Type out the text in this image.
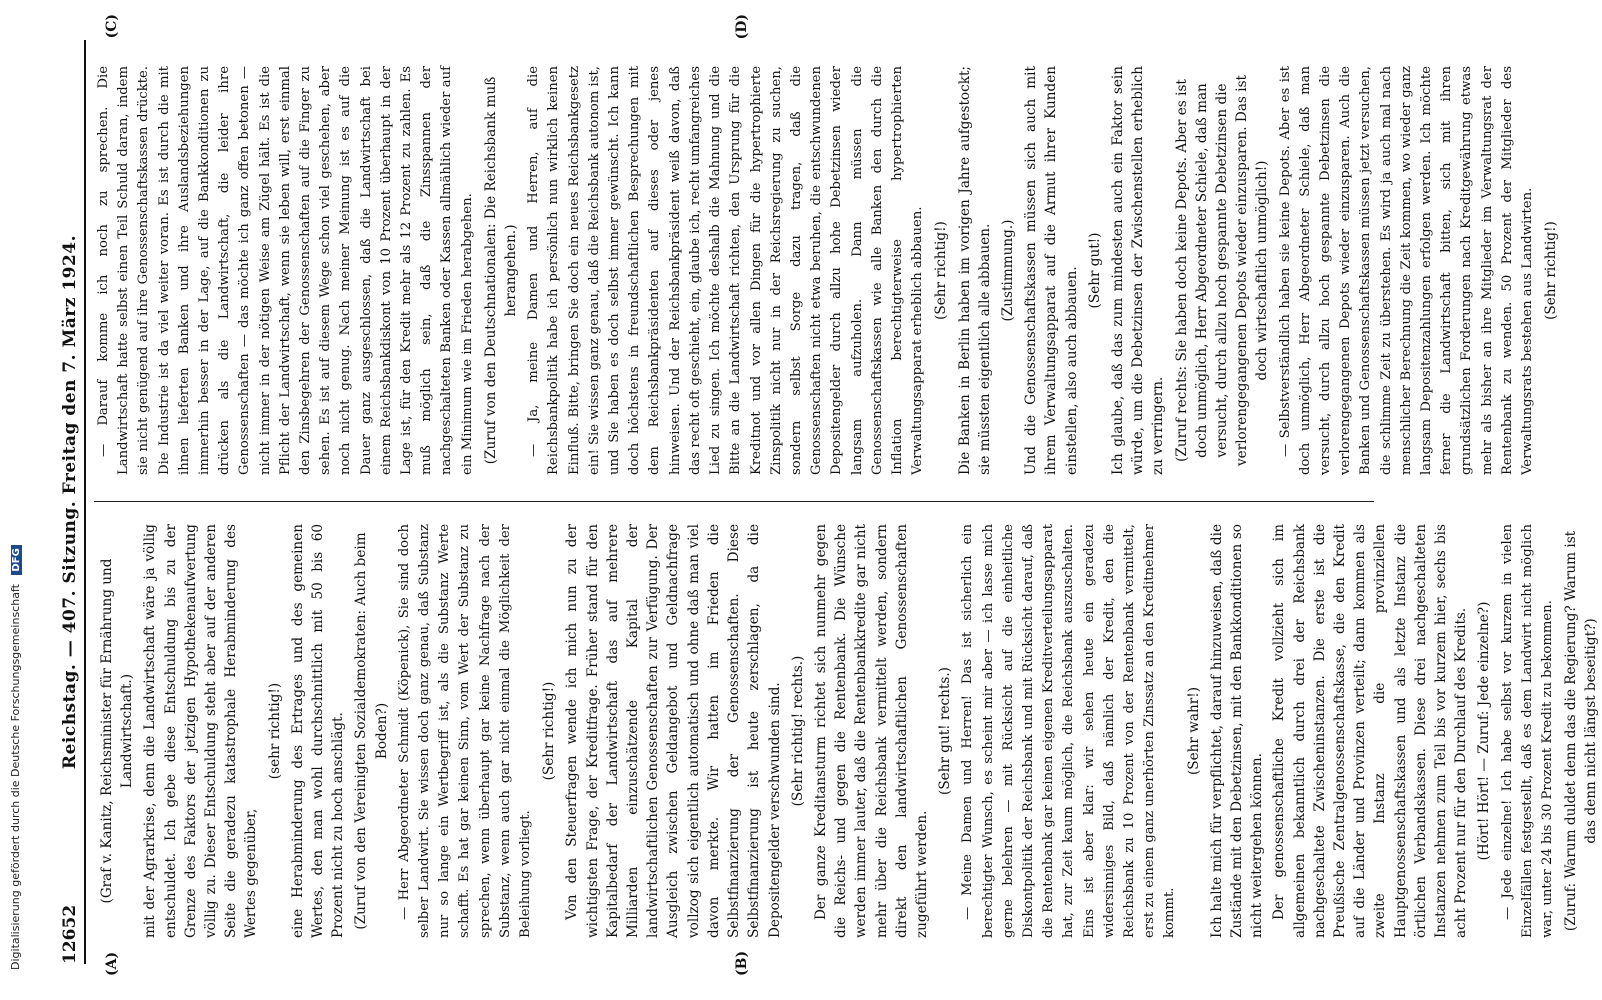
Digitalisierung gefördert durch die Deutsche Forschungsgemeinschaft DFG
12652
Reichstag. — 407. Sitzung. Freitag den 7. März 1924.
(A)	(B)
(C)	(D)

(Graf v. Kanitz, Reichsminister für Ernährung und Landwirtschaft.) mit der Agrarkrise, denn die Landwirtschaft wäre ja völlig entschuldet. Ich gebe diese Entschuldung bis zu der Grenze des Faktors der jetzigen Hypothekenaufwertung völlig zu. Dieser Entschuldung steht aber auf der anderen Seite die geradezu katastrophale Herabminderung des Wertes gegenüber,

(sehr richtig!) eine Herabminderung des Ertrages und des gemeinen Wertes, den man wohl durchschnittlich mit 50 bis 60 Prozent nicht zu hoch anschlägt. (Zuruf von den Vereinigten Sozialdemokraten: Auch beim Boden?) — Herr Abgeordneter Schmidt (Köpenick), Sie sind doch selber Landwirt. Sie wissen doch ganz genau, daß Substanz nur so lange ein Wertbegriff ist, als die Substanz Werte schafft. Es hat gar keinen Sinn, vom Wert der Substanz zu sprechen, wenn überhaupt gar keine Nachfrage nach der Substanz, wenn auch gar nicht einmal die Möglichkeit der Beleihung vorliegt.

(Sehr richtig!) Von den Steuerfragen wende ich mich nun zu der wichtigsten Frage, der Kreditfrage. Früher stand für den Kapitalbedarf der Landwirtschaft das auf mehrere Milliarden einzuschätzende Kapital der landwirtschaftlichen Genossenschaften zur Verfügung. Der Ausgleich zwischen Geldangebot und Geldnachfrage vollzog sich eigentlich automatisch und ohne daß man viel davon merkte. Wir hatten im Frieden die Selbstfinanzierung der Genossenschaften. Diese Selbstfinanzierung ist heute zerschlagen, da die Depositengelder verschwunden sind. (Sehr richtig! rechts.) Der ganze Kreditansturm richtet sich nunmehr gegen die Reichs- und gegen die Rentenbank. Die Wünsche werden immer lauter, daß die Rentenbankkredite gar nicht mehr über die Reichsbank vermittelt werden, sondern direkt den landwirtschaftlichen Genossenschaften zugeführt werden.

(Sehr gut! rechts.) — Meine Damen und Herren! Das ist sicherlich ein berechtigter Wunsch, es scheint mir aber — ich lasse mich gerne belehren — mit Rücksicht auf die einheitliche Diskontpolitik der Reichsbank und mit Rücksicht darauf, daß die Rentenbank gar keinen eigenen Kreditverteilungsapparat hat, zur Zeit kaum möglich, die Reichsbank auszuschalten. Eins ist aber klar: wir sehen heute ein geradezu widersinniges Bild, daß nämlich der Kredit, den die Reichsbank zu 10 Prozent von der Rentenbank vermittelt, erst zu einem ganz unerhörten Zinssatz an den Kreditnehmer kommt.

(Sehr wahr!) Ich halte mich für verpflichtet, darauf hinzuweisen, daß die Zustände mit den Debetzinsen, mit den Bankkonditionen so nicht weitergehen können. Der genossenschaftliche Kredit vollzieht sich im allgemeinen bekanntlich durch drei der Reichsbank nachgeschaltete Zwischeninstanzen. Die erste ist die Preußische Zentralgenossenschaftskasse, die den Kredit auf die Länder und Provinzen verteilt; dann kommen als zweite Instanz die provinziellen Hauptgenossenschaftskassen und als letzte Instanz die örtlichen Verbandskassen. Diese drei nachgeschalteten Instanzen nehmen zum Teil bis vor kurzem hier, sechs bis acht Prozent nur für den Durchlauf des Kredits. (Hört! Hört! — Zuruf: Jede einzelne?) — Jede einzelne! Ich habe selbst vor kurzem in vielen Einzelfällen festgestellt, daß es dem Landwirt nicht möglich war, unter 24 bis 30 Prozent Kredit zu bekommen. (Zuruf: Warum duldet denn das die Regierung? Warum ist das denn nicht längst beseitigt?)

— Darauf komme ich noch zu sprechen. Die Landwirtschaft hatte selbst einen Teil Schuld daran, indem sie nicht genügend auf ihre Genossenschaftskassen drückte. Die Industrie ist da viel weiter voran. Es ist durch die mit ihnen lieferten Banken und ihre Auslandsbeziehungen immerhin besser in der Lage, auf die Bankkonditionen zu drücken als die Landwirtschaft, die leider ihre Genossenschaften — das möchte ich ganz offen betonen — nicht immer in der nötigen Weise am Zügel hält. Es ist die Pflicht der Landwirtschaft, wenn sie leben will, erst einmal den Zinsbegehren der Genossenschaften auf die Finger zu sehen. Es ist auf diesem Wege schon viel geschehen, aber noch nicht genug. Nach meiner Meinung ist es auf die Dauer ganz ausgeschlossen, daß die Landwirtschaft bei einem Reichsbankdiskont von 10 Prozent überhaupt in der Lage ist, für den Kredit mehr als 12 Prozent zu zahlen. Es muß möglich sein, daß die Zinsspannen der nachgeschalteten Banken oder Kassen allmählich wieder auf ein Minimum wie im Frieden herabgehen. (Zuruf von den Deutschnationalen: Die Reichsbank muß herangehen.) — Ja, meine Damen und Herren, auf die Reichsbankpolitik habe ich persönlich nun wirklich keinen Einfluß. Bitte, bringen Sie doch ein neues Reichsbankgesetz ein! Sie wissen ganz genau, daß die Reichsbank autonom ist, und Sie haben es doch selbst immer gewünscht. Ich kann doch höchstens in freundschaftlichen Besprechungen mit dem Reichsbankpräsidenten auf dieses oder jenes hinweisen. Und der Reichsbankpräsident weiß davon, daß das recht oft geschieht, ein, glaube ich, recht umfangreiches Lied zu singen. Ich möchte deshalb die Mahnung und die Bitte an die Landwirtschaft richten, den Ursprung für die Kreditnot und vor allen Dingen für die hypertrophierte Zinspolitik nicht nur in der Reichsregierung zu suchen, sondern selbst Sorge dazu tragen, daß die Genossenschaften nicht etwa beruhen, die entschwundenen Depositengelder durch allzu hohe Debetzinsen wieder langsam aufzuholen. Dann müssen die Genossenschaftskassen wie alle Banken den durch die Inflation berechtigterweise hypertrophierten Verwaltungsapparat erheblich abbauen. (Sehr richtig!) Die Banken in Berlin haben im vorigen Jahre aufgestockt; sie müssten eigentlich alle abbauen. (Zustimmung.) Und die Genossenschaftskassen müssen sich auch mit ihrem Verwaltungsapparat auf die Armut ihrer Kunden einstellen, also auch abbauen. (Sehr gut!) Ich glaube, daß das zum mindesten auch ein Faktor sein würde, um die Debetzinsen der Zwischenstellen erheblich zu verringern. (Zuruf rechts: Sie haben doch keine Depots. Aber es ist doch unmöglich, Herr Abgeordneter Schiele, daß man versucht, durch allzu hoch gespannte Debetzinsen die verlorengegangenen Depots wieder einzusparen. Das ist doch wirtschaftlich unmöglich!) — Selbstverständlich haben sie keine Depots. Aber es ist doch unmöglich, Herr Abgeordneter Schiele, daß man versucht, durch allzu hoch gespannte Debetzinsen die verlorengegangenen Depots wieder einzusparen. Auch die Banken und Genossenschaftskassen müssen jetzt versuchen, die schlimme Zeit zu überstehen. Es wird ja auch mal nach menschlicher Berechnung die Zeit kommen, wo wieder ganz langsam Depositenzahlungen erfolgen werden. Ich möchte ferner die Landwirtschaft bitten, sich mit ihren grundsätzlichen Forderungen nach Kreditgewährung etwas mehr als bisher an ihre Mitglieder im Verwaltungsrat der Rentenbank zu wenden. 50 Prozent der Mitglieder des Verwaltungsrats bestehen aus Landwirten. (Sehr richtig!)
